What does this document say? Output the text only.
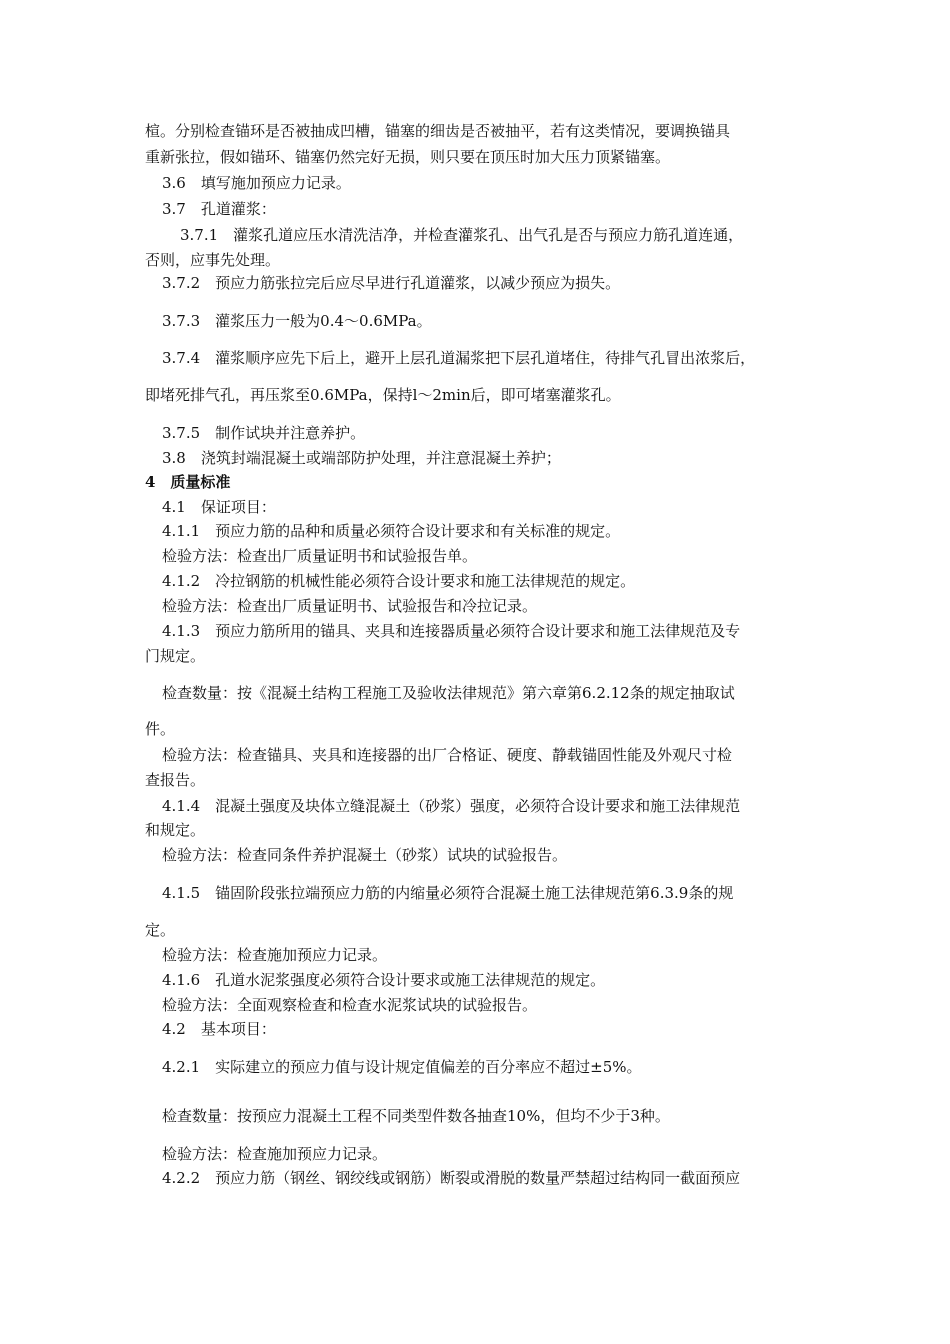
楦。分别检查锚环是否被抽成凹槽，锚塞的细齿是否被抽平，若有这类情况，要调换锚具
重新张拉，假如锚环、锚塞仍然完好无损，则只要在顶压时加大压力顶紧锚塞。
3.6　填写施加预应力记录。
3.7　孔道灌浆：
3.7.1　灌浆孔道应压水清洗洁净，并检查灌浆孔、出气孔是否与预应力筋孔道连通，
否则，应事先处理。
3.7.2　预应力筋张拉完后应尽早进行孔道灌浆，以减少预应为损失。
3.7.3　灌浆压力一般为0.4～0.6MPa。
3.7.4　灌浆顺序应先下后上，避开上层孔道漏浆把下层孔道堵住，待排气孔冒出浓浆后，
即堵死排气孔，再压浆至0.6MPa，保持l～2min后，即可堵塞灌浆孔。
3.7.5　制作试块并注意养护。
3.8　浇筑封端混凝土或端部防护处理，并注意混凝土养护；
4　质量标准
4.1　保证项目：
4.1.1　预应力筋的品种和质量必须符合设计要求和有关标准的规定。
检验方法：检查出厂质量证明书和试验报告单。
4.1.2　冷拉钢筋的机械性能必须符合设计要求和施工法律规范的规定。
检验方法：检查出厂质量证明书、试验报告和冷拉记录。
4.1.3　预应力筋所用的锚具、夹具和连接器质量必须符合设计要求和施工法律规范及专
门规定。
检查数量：按《混凝土结构工程施工及验收法律规范》第六章第6.2.12条的规定抽取试
件。
检验方法：检查锚具、夹具和连接器的出厂合格证、硬度、静载锚固性能及外观尺寸检
查报告。
4.1.4　混凝土强度及块体立缝混凝土（砂浆）强度，必须符合设计要求和施工法律规范
和规定。
检验方法：检查同条件养护混凝土（砂浆）试块的试验报告。
4.1.5　锚固阶段张拉端预应力筋的内缩量必须符合混凝土施工法律规范第6.3.9条的规
定。
检验方法：检查施加预应力记录。
4.1.6　孔道水泥浆强度必须符合设计要求或施工法律规范的规定。
检验方法：全面观察检查和检查水泥浆试块的试验报告。
4.2　基本项目：
4.2.1　实际建立的预应力值与设计规定值偏差的百分率应不超过±5%。
检查数量：按预应力混凝土工程不同类型件数各抽查10%，但均不少于3种。
检验方法：检查施加预应力记录。
4.2.2　预应力筋（钢丝、钢绞线或钢筋）断裂或滑脱的数量严禁超过结构同一截面预应
